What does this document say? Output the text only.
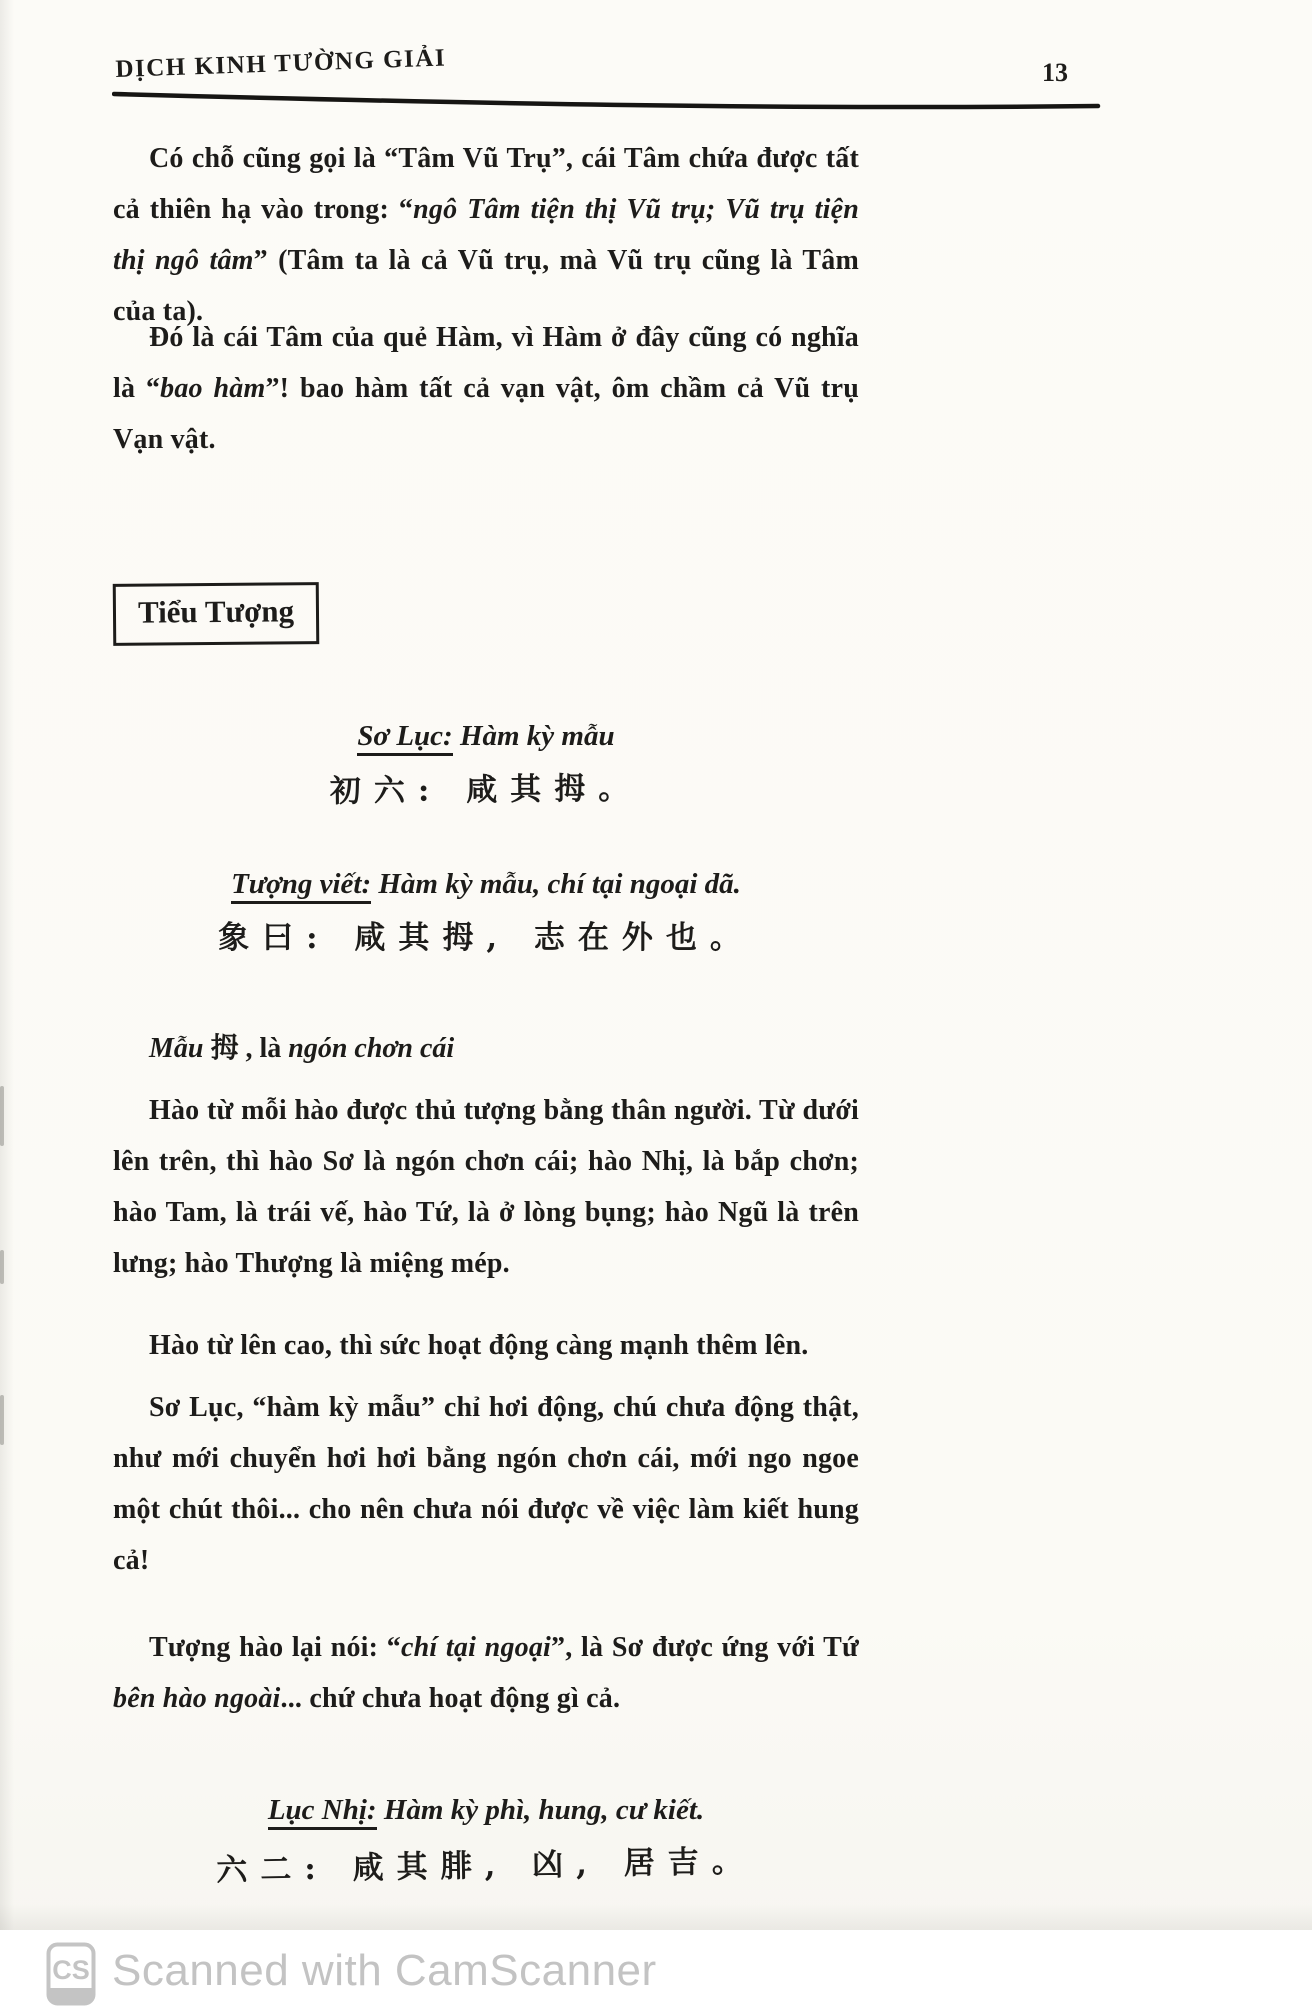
DỊCH KINH TƯỜNG GIẢI	13

Có chỗ cũng gọi là “Tâm Vũ Trụ”, cái Tâm chứa được tất cả thiên hạ vào trong: “ngô Tâm tiện thị Vũ trụ; Vũ trụ tiện thị ngô tâm” (Tâm ta là cả Vũ trụ, mà Vũ trụ cũng là Tâm của ta).

Đó là cái Tâm của quẻ Hàm, vì Hàm ở đây cũng có nghĩa là “bao hàm”! bao hàm tất cả vạn vật, ôm chầm cả Vũ trụ Vạn vật.

Tiểu Tượng

Sơ Lục: Hàm kỳ mẫu

初六: 咸其拇。

Tượng viết: Hàm kỳ mẫu, chí tại ngoại dã.

象曰: 咸其拇, 志在外也。

Mẫu 拇 , là ngón chơn cái

Hào từ mỗi hào được thủ tượng bằng thân người. Từ dưới lên trên, thì hào Sơ là ngón chơn cái; hào Nhị, là bắp chơn; hào Tam, là trái vế, hào Tứ, là ở lòng bụng; hào Ngũ là trên lưng; hào Thượng là miệng mép.

Hào từ lên cao, thì sức hoạt động càng mạnh thêm lên.

Sơ Lục, “hàm kỳ mẫu” chỉ hơi động, chú chưa động thật, như mới chuyển hơi hơi bằng ngón chơn cái, mới ngo ngoe một chút thôi... cho nên chưa nói được về việc làm kiết hung cả!

Tượng hào lại nói: “chí tại ngoại”, là Sơ được ứng với Tứ bên hào ngoài... chứ chưa hoạt động gì cả.

Lục Nhị: Hàm kỳ phì, hung, cư kiết.

六二: 咸其腓, 凶, 居吉。

CS Scanned with CamScanner
